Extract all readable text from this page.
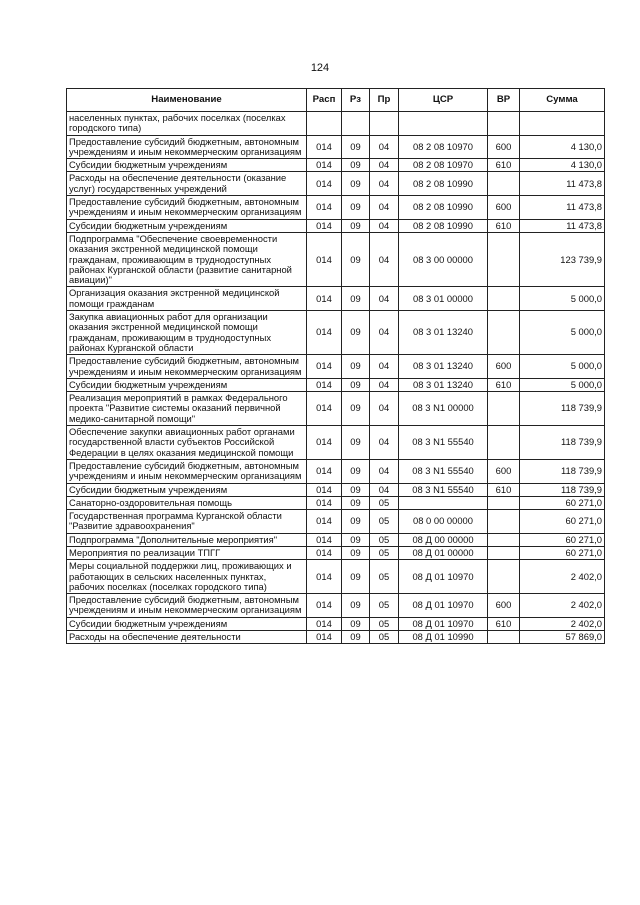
124
Наименование	Расп	Рз	Пр	ЦСР	ВР	Сумма
населенных пунктах, рабочих поселках (поселках городского типа)						
Предоставление субсидий бюджетным, автономным учреждениям и иным некоммерческим организациям	014	09	04	08 2 08 10970	600	4 130,0
Субсидии бюджетным учреждениям	014	09	04	08 2 08 10970	610	4 130,0
Расходы на обеспечение деятельности (оказание услуг) государственных учреждений	014	09	04	08 2 08 10990		11 473,8
Предоставление субсидий бюджетным, автономным учреждениям и иным некоммерческим организациям	014	09	04	08 2 08 10990	600	11 473,8
Субсидии бюджетным учреждениям	014	09	04	08 2 08 10990	610	11 473,8
Подпрограмма "Обеспечение своевременности оказания экстренной медицинской помощи гражданам, проживающим в труднодоступных районах Курганской области (развитие санитарной авиации)"	014	09	04	08 3 00 00000		123 739,9
Организация оказания экстренной медицинской помощи гражданам	014	09	04	08 3 01 00000		5 000,0
Закупка авиационных работ для организации оказания экстренной медицинской помощи гражданам, проживающим в труднодоступных районах Курганской области	014	09	04	08 3 01 13240		5 000,0
Предоставление субсидий бюджетным, автономным учреждениям и иным некоммерческим организациям	014	09	04	08 3 01 13240	600	5 000,0
Субсидии бюджетным учреждениям	014	09	04	08 3 01 13240	610	5 000,0
Реализация мероприятий в рамках Федерального проекта "Развитие системы оказаний первичной медико-санитарной помощи"	014	09	04	08 3 N1 00000		118 739,9
Обеспечение закупки авиационных работ органами государственной власти субъектов Российской Федерации в целях оказания медицинской помощи	014	09	04	08 3 N1 55540		118 739,9
Предоставление субсидий бюджетным, автономным учреждениям и иным некоммерческим организациям	014	09	04	08 3 N1 55540	600	118 739,9
Субсидии бюджетным учреждениям	014	09	04	08 3 N1 55540	610	118 739,9
Санаторно-оздоровительная помощь	014	09	05			60 271,0
Государственная программа Курганской области "Развитие здравоохранения"	014	09	05	08 0 00 00000		60 271,0
Подпрограмма "Дополнительные мероприятия"	014	09	05	08 Д 00 00000		60 271,0
Мероприятия по реализации ТПГГ	014	09	05	08 Д 01 00000		60 271,0
Меры социальной поддержки лиц, проживающих и работающих в сельских населенных пунктах, рабочих поселках (поселках городского типа)	014	09	05	08 Д 01 10970		2 402,0
Предоставление субсидий бюджетным, автономным учреждениям и иным некоммерческим организациям	014	09	05	08 Д 01 10970	600	2 402,0
Субсидии бюджетным учреждениям	014	09	05	08 Д 01 10970	610	2 402,0
Расходы на обеспечение деятельности	014	09	05	08 Д 01 10990		57 869,0
